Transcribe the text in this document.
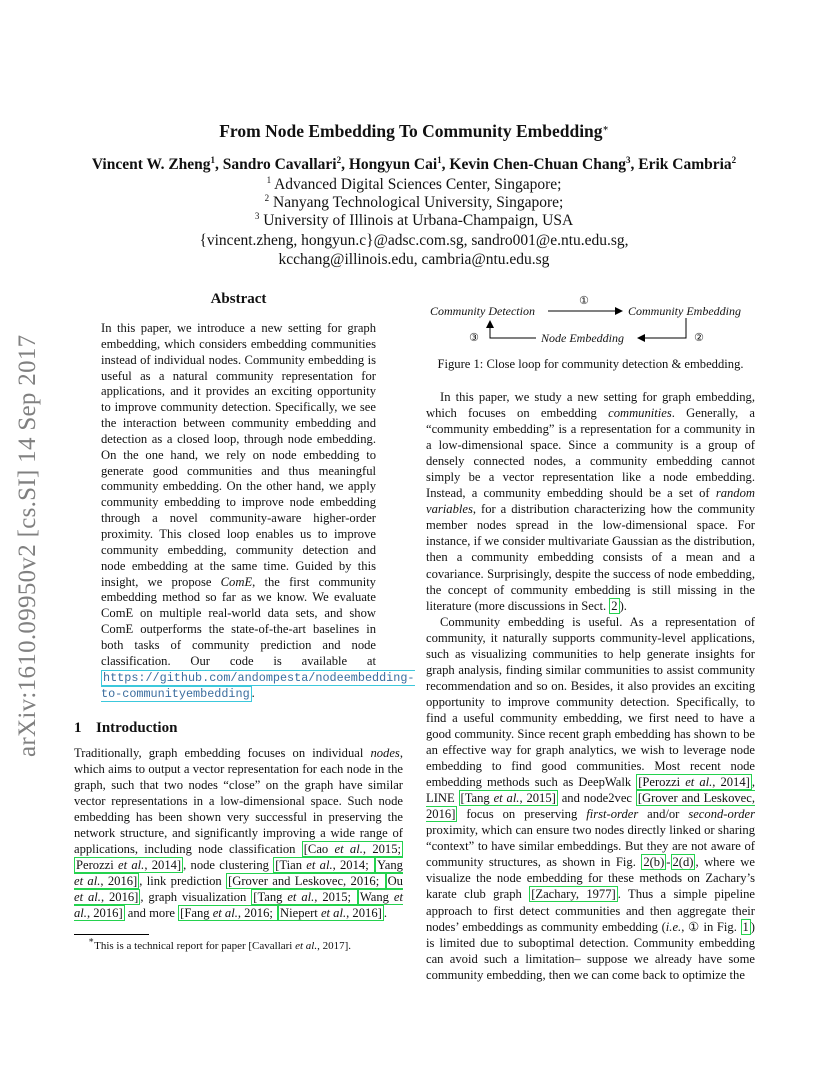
arXiv:1610.09950v2 [cs.SI] 14 Sep 2017
From Node Embedding To Community Embedding∗
Vincent W. Zheng$^1$, Sandro Cavallari$^2$, Hongyun Cai$^1$, Kevin Chen-Chuan Chang$^3$, Erik Cambria$^2$
$^1$ Advanced Digital Sciences Center, Singapore;
$^2$ Nanyang Technological University, Singapore;
$^3$ University of Illinois at Urbana-Champaign, USA
{vincent.zheng, hongyun.c}@adsc.com.sg, sandro001@e.ntu.edu.sg,
kcchang@illinois.edu, cambria@ntu.edu.sg
Abstract
In this paper, we introduce a new setting for graph embedding, which considers embedding communities instead of individual nodes. Community embedding is useful as a natural community representation for applications, and it provides an exciting opportunity to improve community detection. Specifically, we see the interaction between community embedding and detection as a closed loop, through node embedding. On the one hand, we rely on node embedding to generate good communities and thus meaningful community embedding. On the other hand, we apply community embedding to improve node embedding through a novel community-aware higher-order proximity. This closed loop enables us to improve community embedding, community detection and node embedding at the same time. Guided by this insight, we propose ComE, the first community embedding method so far as we know. We evaluate ComE on multiple real-world data sets, and show ComE outperforms the state-of-the-art baselines in both tasks of community prediction and node classification. Our code is available at https://github.com/andompesta/nodeembedding-to-communityembedding .
1 Introduction

Traditionally, graph embedding focuses on individual nodes, which aims to output a vector representation for each node in the graph, such that two nodes “close” on the graph have similar vector representations in a low-dimensional space. Such node embedding has been shown very successful in preserving the network structure, and significantly improving a wide range of applications, including node classification [Cao et al., 2015; Perozzi et al., 2014] , node clustering [Tian et al., 2014; Yang et al., 2016] , link prediction [Grover and Leskovec, 2016; Ou et al., 2016] , graph visualization [Tang et al., 2015; Wang et al., 2016] and more [Fang et al., 2016; Niepert et al., 2016] .

∗This is a technical report for paper [Cavallari et al., 2017].
Community Detection	Community Embedding
Node Embedding
①
②
③
Figure 1: Close loop for community detection & embedding.

In this paper, we study a new setting for graph embedding, which focuses on embedding communities. Generally, a “community embedding” is a representation for a community in a low-dimensional space. Since a community is a group of densely connected nodes, a community embedding cannot simply be a vector representation like a node embedding. Instead, a community embedding should be a set of random variables, for a distribution characterizing how the community member nodes spread in the low-dimensional space. For instance, if we consider multivariate Gaussian as the distribution, then a community embedding consists of a mean and a covariance. Surprisingly, despite the success of node embedding, the concept of community embedding is still missing in the literature (more discussions in Sect. 2 ).

Community embedding is useful. As a representation of community, it naturally supports community-level applications, such as visualizing communities to help generate insights for graph analysis, finding similar communities to assist community recommendation and so on. Besides, it also provides an exciting opportunity to improve community detection. Specifically, to find a useful community embedding, we first need to have a good community. Since recent graph embedding has shown to be an effective way for graph analytics, we wish to leverage node embedding to find good communities. Most recent node embedding methods such as DeepWalk [Perozzi et al., 2014] , LINE [Tang et al., 2015] and node2vec [Grover and Leskovec, 2016] focus on preserving first-order and/or second-order proximity, which can ensure two nodes directly linked or sharing “context” to have similar embeddings. But they are not aware of community structures, as shown in Fig. 2(b) - 2(d) , where we visualize the node embedding for these methods on Zachary’s karate club graph [Zachary, 1977] . Thus a simple pipeline approach to first detect communities and then aggregate their nodes’ embeddings as community embedding (i.e., ① in Fig. 1 ) is limited due to suboptimal detection. Community embedding can avoid such a limitation– suppose we already have some community embedding, then we can come back to optimize the
